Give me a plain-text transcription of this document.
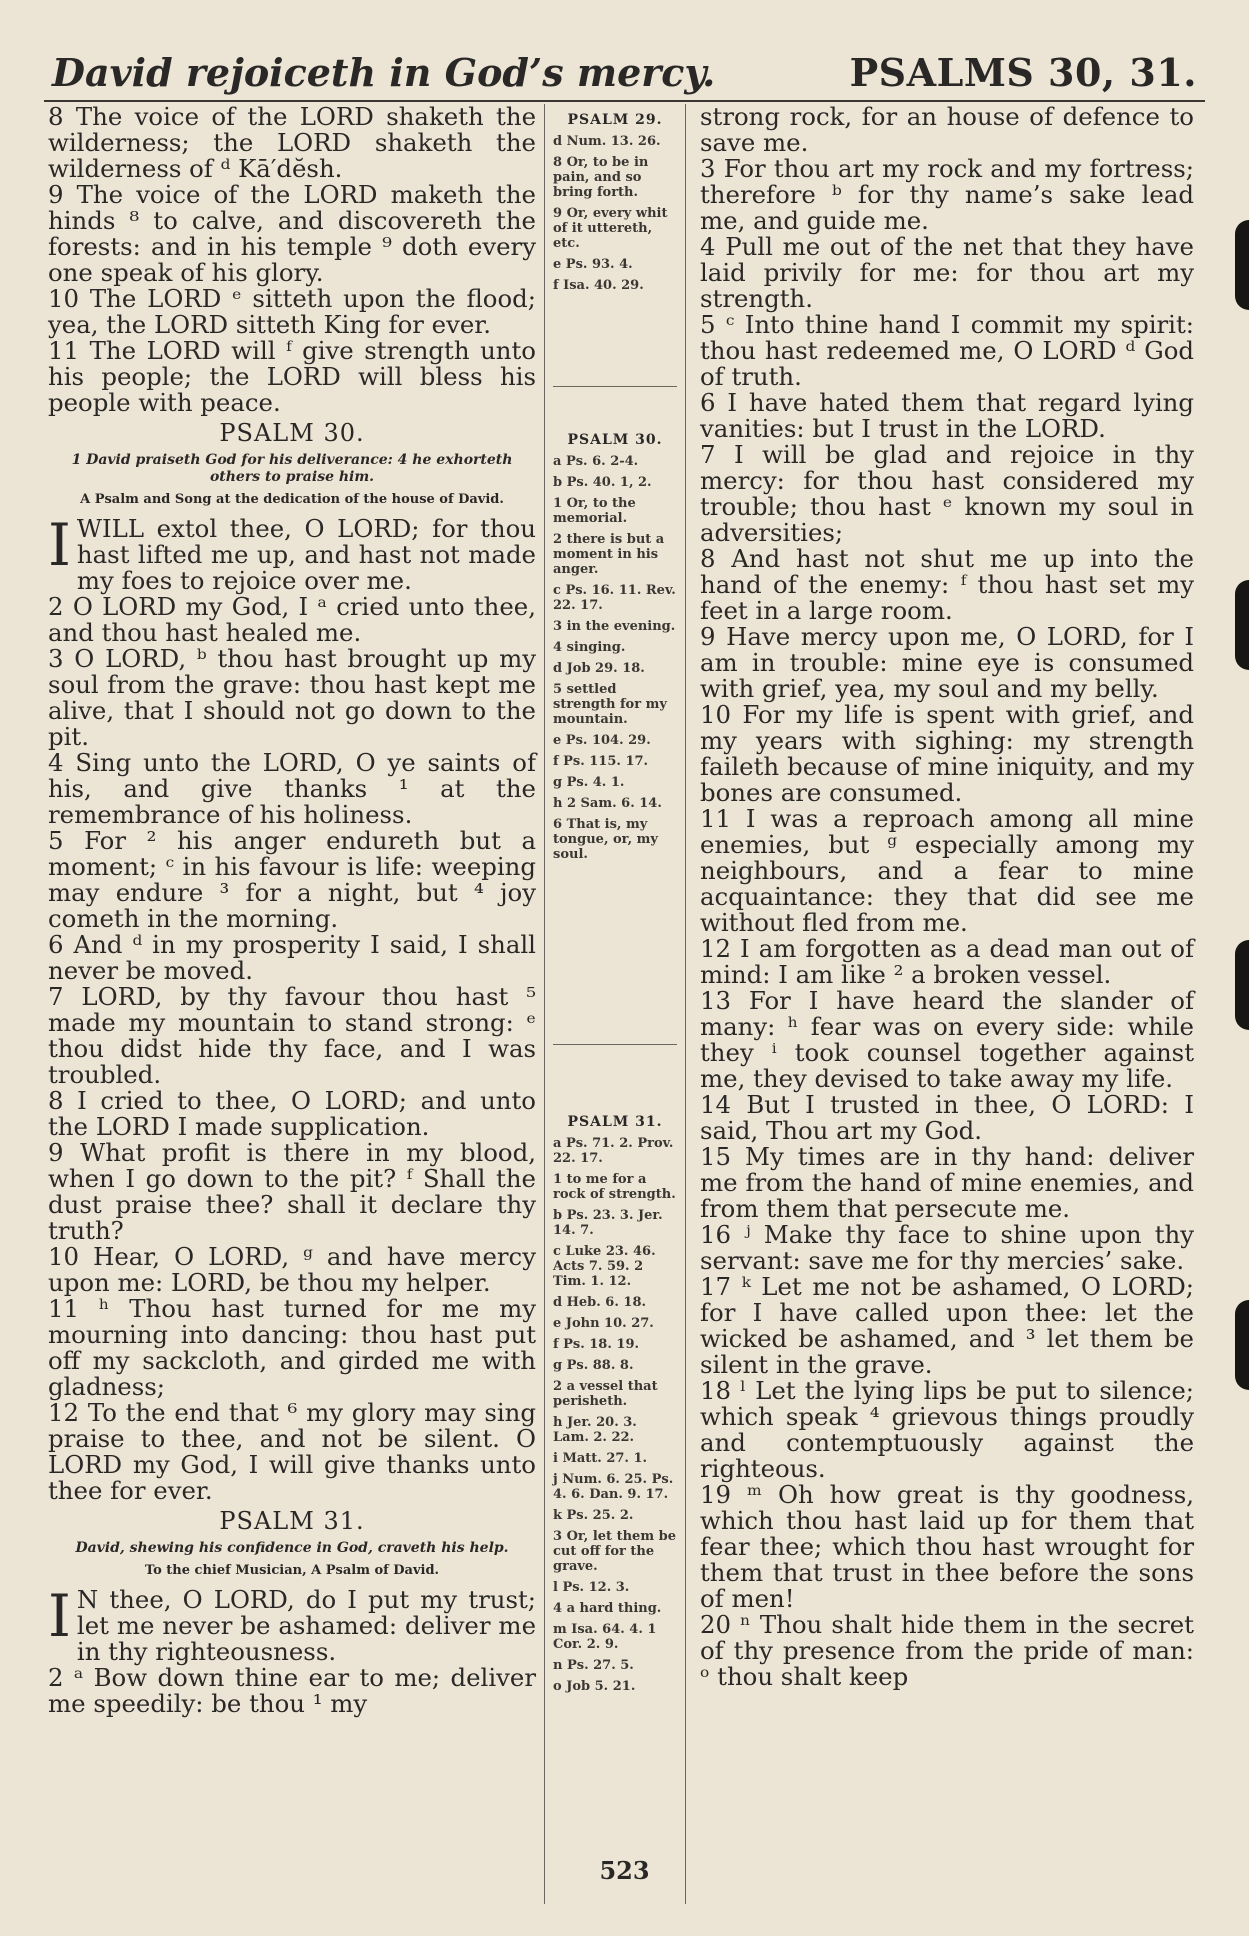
David rejoiceth in God’s mercy.	PSALMS 30, 31.

8 The voice of the LORD shaketh the wilderness; the LORD shaketh the wilderness of ᵈ Kā′dĕsh.

9 The voice of the LORD maketh the hinds ⁸ to calve, and discovereth the forests: and in his temple ⁹ doth every one speak of his glory.

10 The LORD ᵉ sitteth upon the flood; yea, the LORD sitteth King for ever.

11 The LORD will ᶠ give strength unto his people; the LORD will bless his people with peace.

PSALM 30.
1 David praiseth God for his deliverance: 4 he exhorteth others to praise him.
A Psalm and Song at the dedication of the house of David.

IWILL extol thee, O LORD; for thou hast lifted me up, and hast not made my foes to rejoice over me.

2 O LORD my God, I ᵃ cried unto thee, and thou hast healed me.

3 O LORD, ᵇ thou hast brought up my soul from the grave: thou hast kept me alive, that I should not go down to the pit.

4 Sing unto the LORD, O ye saints of his, and give thanks ¹ at the remembrance of his holiness.

5 For ² his anger endureth but a moment; ᶜ in his favour is life: weeping may endure ³ for a night, but ⁴ joy cometh in the morning.

6 And ᵈ in my prosperity I said, I shall never be moved.

7 LORD, by thy favour thou hast ⁵ made my mountain to stand strong: ᵉ thou didst hide thy face, and I was troubled.

8 I cried to thee, O LORD; and unto the LORD I made supplication.

9 What profit is there in my blood, when I go down to the pit? ᶠ Shall the dust praise thee? shall it declare thy truth?

10 Hear, O LORD, ᵍ and have mercy upon me: LORD, be thou my helper.

11 ʰ Thou hast turned for me my mourning into dancing: thou hast put off my sackcloth, and girded me with gladness;

12 To the end that ⁶ my glory may sing praise to thee, and not be silent. O LORD my God, I will give thanks unto thee for ever.

PSALM 31.
David, shewing his confidence in God, craveth his help.
To the chief Musician, A Psalm of David.

I N thee, O LORD, do I put my trust; let me never be ashamed: deliver me in thy righteousness.

2 ᵃ Bow down thine ear to me; deliver me speedily: be thou ¹ my

PSALM 29.
d Num. 13. 26.
8 Or, to be in pain, and so bring forth.
9 Or, every whit of it uttereth, etc.
e Ps. 93. 4.
f Isa. 40. 29.
PSALM 30.
a Ps. 6. 2-4.
b Ps. 40. 1, 2.
1 Or, to the memorial.
2 there is but a moment in his anger.
c Ps. 16. 11. Rev. 22. 17.
3 in the evening.
4 singing.
d Job 29. 18.
5 settled strength for my mountain.
e Ps. 104. 29.
f Ps. 115. 17.
g Ps. 4. 1.
h 2 Sam. 6. 14.
6 That is, my tongue, or, my soul.
PSALM 31.
a Ps. 71. 2. Prov. 22. 17.
1 to me for a rock of strength.
b Ps. 23. 3. Jer. 14. 7.
c Luke 23. 46. Acts 7. 59. 2 Tim. 1. 12.
d Heb. 6. 18.
e John 10. 27.
f Ps. 18. 19.
g Ps. 88. 8.
2 a vessel that perisheth.
h Jer. 20. 3. Lam. 2. 22.
i Matt. 27. 1.
j Num. 6. 25. Ps. 4. 6. Dan. 9. 17.
k Ps. 25. 2.
3 Or, let them be cut off for the grave.
l Ps. 12. 3.
4 a hard thing.
m Isa. 64. 4. 1 Cor. 2. 9.
n Ps. 27. 5.
o Job 5. 21.

strong rock, for an house of defence to save me.

3 For thou art my rock and my fortress; therefore ᵇ for thy name’s sake lead me, and guide me.

4 Pull me out of the net that they have laid privily for me: for thou art my strength.

5 ᶜ Into thine hand I commit my spirit: thou hast redeemed me, O LORD ᵈ God of truth.

6 I have hated them that regard lying vanities: but I trust in the LORD.

7 I will be glad and rejoice in thy mercy: for thou hast considered my trouble; thou hast ᵉ known my soul in adversities;

8 And hast not shut me up into the hand of the enemy: ᶠ thou hast set my feet in a large room.

9 Have mercy upon me, O LORD, for I am in trouble: mine eye is consumed with grief, yea, my soul and my belly.

10 For my life is spent with grief, and my years with sighing: my strength faileth because of mine iniquity, and my bones are consumed.

11 I was a reproach among all mine enemies, but ᵍ especially among my neighbours, and a fear to mine acquaintance: they that did see me without fled from me.

12 I am forgotten as a dead man out of mind: I am like ² a broken vessel.

13 For I have heard the slander of many: ʰ fear was on every side: while they ⁱ took counsel together against me, they devised to take away my life.

14 But I trusted in thee, O LORD: I said, Thou art my God.

15 My times are in thy hand: deliver me from the hand of mine enemies, and from them that persecute me.

16 ʲ Make thy face to shine upon thy servant: save me for thy mercies’ sake.

17 ᵏ Let me not be ashamed, O LORD; for I have called upon thee: let the wicked be ashamed, and ³ let them be silent in the grave.

18 ˡ Let the lying lips be put to silence; which speak ⁴ grievous things proudly and contemptuously against the righteous.

19 ᵐ Oh how great is thy goodness, which thou hast laid up for them that fear thee; which thou hast wrought for them that trust in thee before the sons of men!

20 ⁿ Thou shalt hide them in the secret of thy presence from the pride of man: ᵒ thou shalt keep

523
